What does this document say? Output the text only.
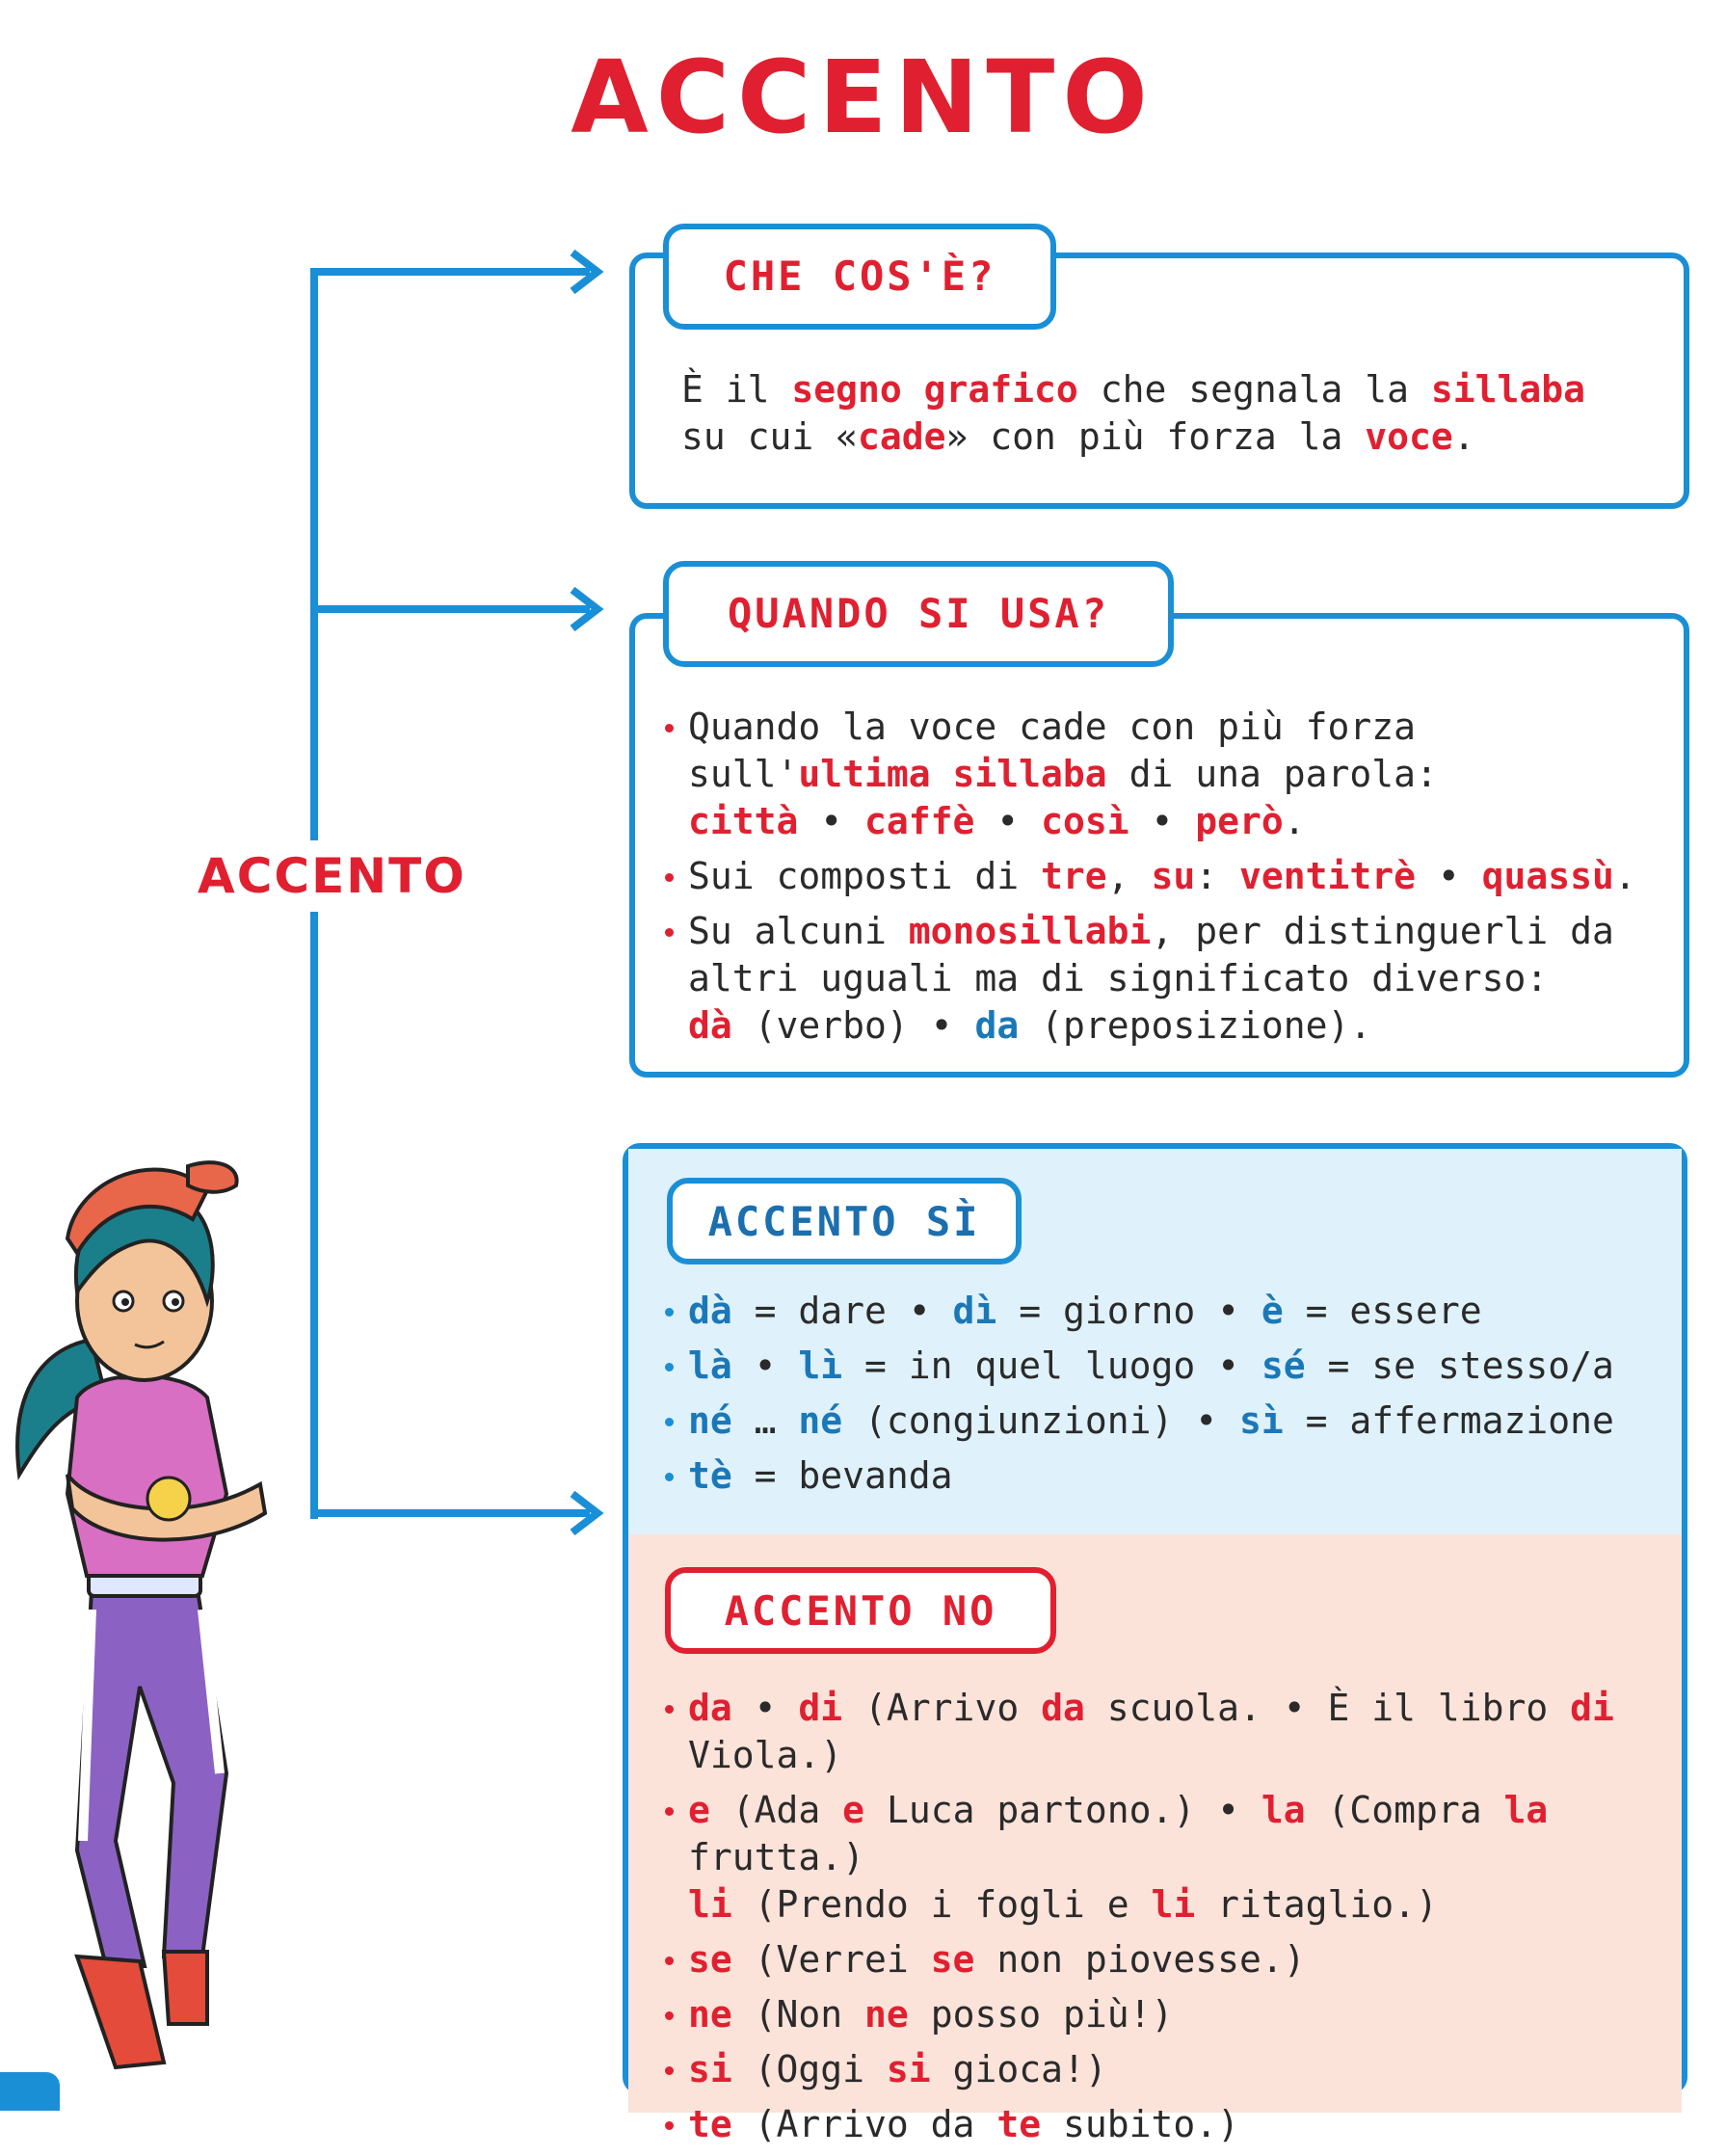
ACCENTO
ACCENTO
È il segno grafico che segnala la sillaba su cui «cade» con più forza la voce.
CHE COS'È?
Quando la voce cade con più forza sull'ultima sillaba di una parola:
città • caffè • così • però.
Sui composti di tre, su: ventitrè • quassù.
Su alcuni monosillabi, per distinguerli da altri uguali ma di significato diverso:
dà (verbo) • da (preposizione).
QUANDO SI USA?
ACCENTO SÌ
dà = dare • dì = giorno • è = essere
là • lì = in quel luogo • sé = se stesso/a
né … né (congiunzioni) • sì = affermazione
tè = bevanda
ACCENTO NO
da • di (Arrivo da scuola. • È il libro di Viola.)
e (Ada e Luca partono.) • la (Compra la frutta.)
li (Prendo i fogli e li ritaglio.)
se (Verrei se non piovesse.)
ne (Non ne posso più!)
si (Oggi si gioca!)
te (Arrivo da te subito.)
